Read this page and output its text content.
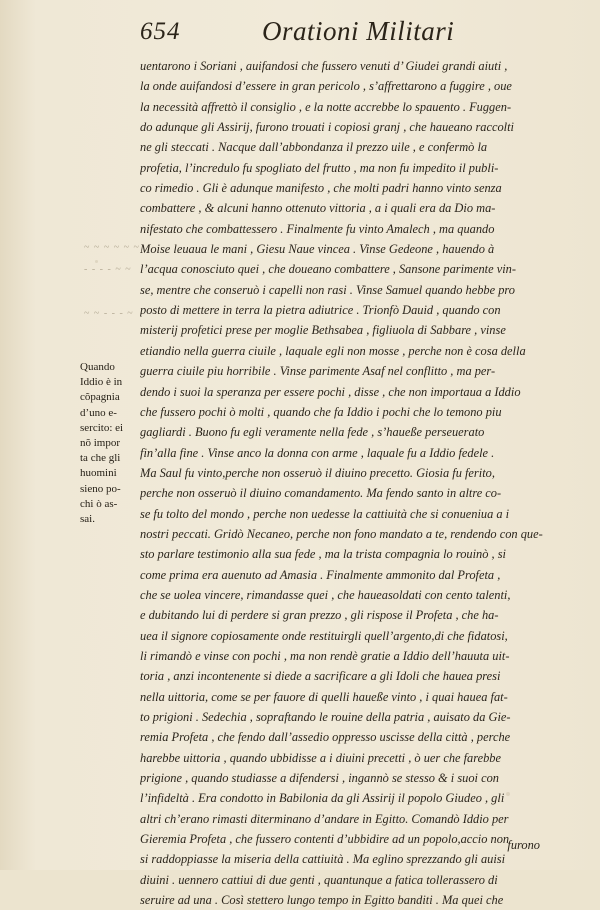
~ ~ ~ ~ ~ ~
- - - - ~ ~
~ ~ - - - ~
654	Orationi Militari
uentarono i Soriani , auifandosi che fussero venuti d’ Giudei grandi aiuti ,
la onde auifandosi d’essere in gran pericolo , s’affrettarono a fuggire , oue
la necessità affrettò il consiglio , e la notte accrebbe lo spauento . Fuggen-
do adunque gli Assirij, furono trouati i copiosi granj , che haueano raccolti
ne gli steccati . Nacque dall’abbondanza il prezzo uile , e confermò la
profetia, l’incredulo fu spogliato del frutto , ma non fu impedito il publi-
co rimedio . Gli è adunque manifesto , che molti padri hanno vinto senza
combattere , & alcuni hanno ottenuto vittoria , a i quali era da Dio ma-
nifestato che combattessero . Finalmente fu vinto Amalech , ma quando
Moise leuaua le mani , Giesu Naue vincea . Vinse Gedeone , hauendo à
l’acqua conosciuto quei , che doueano combattere , Sansone parimente vin-
se, mentre che conseruò i capelli non rasi . Vinse Samuel quando hebbe pro
posto di mettere in terra la pietra adiutrice . Trionfò Dauid , quando con
misterij profetici prese per moglie Bethsabea , figliuola di Sabbare , vinse
etiandio nella guerra ciuile , laquale egli non mosse , perche non è cosa della
guerra ciuile piu horribile . Vinse parimente Asaf nel conflitto , ma per-
dendo i suoi la speranza per essere pochi , disse , che non importaua a Iddio
che fussero pochi ò molti , quando che fa Iddio i pochi che lo temono piu
gagliardi . Buono fu egli veramente nella fede , s’haueße perseuerato
fin’alla fine . Vinse anco la donna con arme , laquale fu a Iddio fedele .
Ma Saul fu vinto,perche non osseruò il diuino precetto. Giosia fu ferito,
perche non osseruò il diuino comandamento. Ma fendo santo in altre co-
se fu tolto del mondo , perche non uedesse la cattiuità che si conueniua a i
nostri peccati. Gridò Necaneo, perche non fono mandato a te, rendendo con que-
sto parlare testimonio alla sua fede , ma la trista compagnia lo rouinò , si
come prima era auenuto ad Amasia . Finalmente ammonito dal Profeta ,
che se uolea vincere, rimandasse quei , che haueasoldati con cento talenti,
e dubitando lui di perdere si gran prezzo , gli rispose il Profeta , che ha-
uea il signore copiosamente onde restituirgli quell’argento,di che fidatosi,
li rimandò e vinse con pochi , ma non rendè gratie a Iddio dell’hauuta uit-
toria , anzi incontenente si diede a sacrificare a gli Idoli che hauea presi
nella uittoria, come se per fauore di quelli haueße vinto , i quai hauea fat-
to prigioni . Sedechia , sopraftando le rouine della patria , auisato da Gie-
remia Profeta , che fendo dall’assedio oppresso uscisse della città , perche
harebbe uittoria , quando ubbidisse a i diuini precetti , ò uer che farebbe
prigione , quando studiasse a difendersi , ingannò se stesso & i suoi con
l’infideltà . Era condotto in Babilonia da gli Assirij il popolo Giudeo , gli
altri ch’erano rimasti diterminano d’andare in Egitto. Comandò Iddio per
Gieremia Profeta , che fussero contenti d’ubbidire ad un popolo,accio non
si raddoppiasse la miseria della cattiuità . Ma eglino sprezzando gli auisi
diuini . uennero cattiui di due genti , quantunque a fatica tollerassero di
seruire ad una . Così stettero lungo tempo in Egitto banditi . Ma quei che
Quando
Iddio è in
cõpagnia
d’uno e-
sercito: ei
nõ impor
ta che gli
huomini
sieno po-
chi ò as-
sai.
furono
